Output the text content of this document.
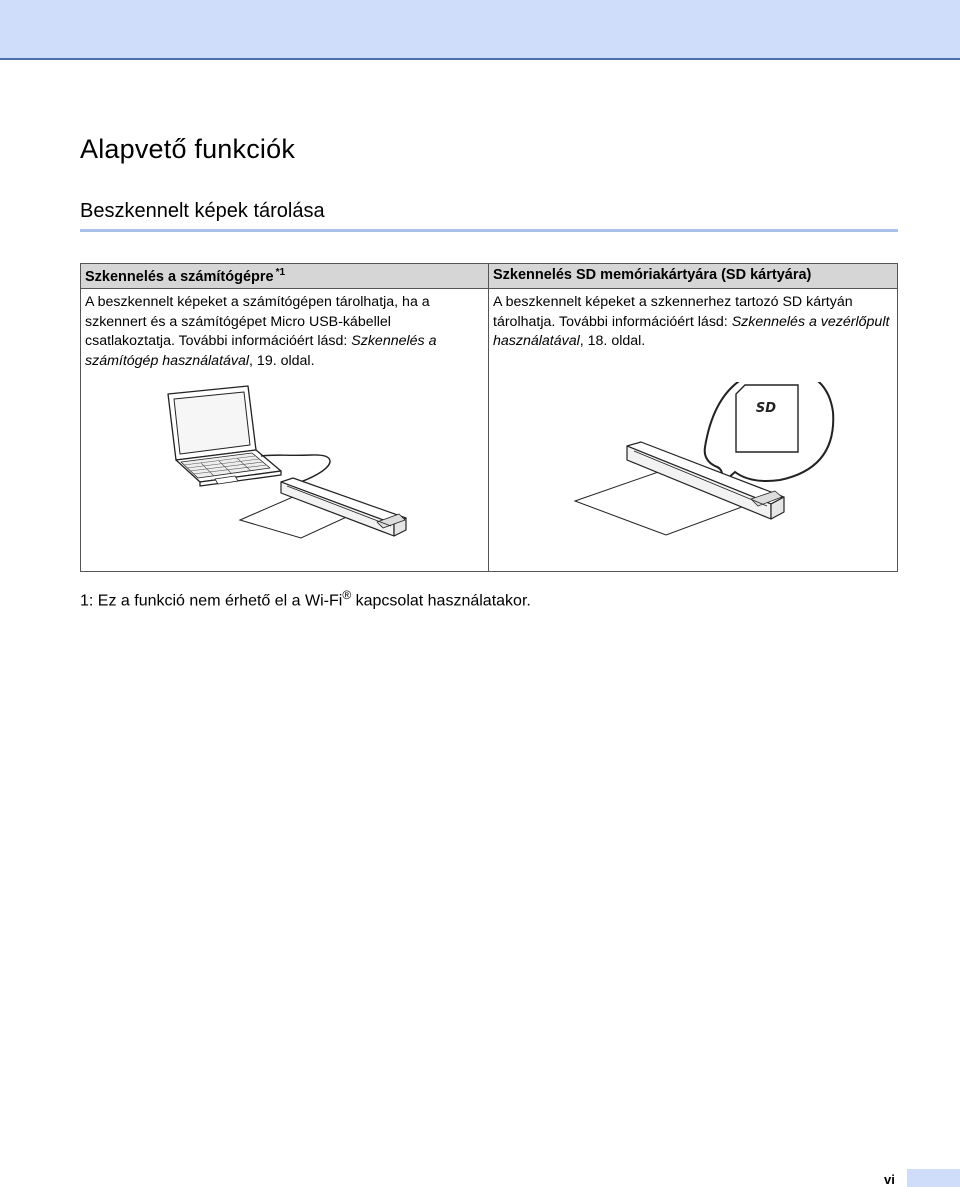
Alapvető funkciók
Beszkennelt képek tárolása
Szkennelés a számítógépre $^{*1}$
A beszkennelt képeket a számítógépen tárolhatja, ha a szkennert és a számítógépet Micro USB-kábellel csatlakoztatja. További információért lásd: Szkennelés a számítógép használatával, 19. oldal.
Szkennelés SD memóriakártyára (SD kártyára)
A beszkennelt képeket a szkennerhez tartozó SD kártyán tárolhatja. További információért lásd: Szkennelés a vezérlőpult használatával, 18. oldal.
SD
1: Ez a funkció nem érhető el a Wi-Fi® kapcsolat használatakor.
vi
